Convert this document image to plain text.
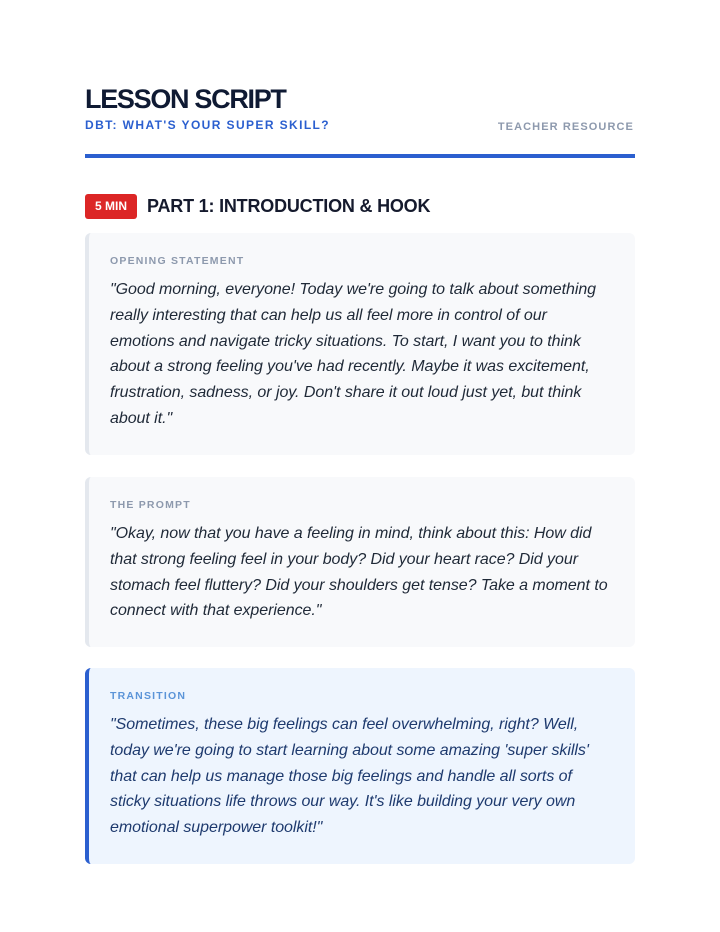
LESSON SCRIPT
DBT: WHAT'S YOUR SUPER SKILL?	TEACHER RESOURCE
5 MIN	PART 1: INTRODUCTION & HOOK
OPENING STATEMENT

"Good morning, everyone! Today we're going to talk about something really interesting that can help us all feel more in control of our emotions and navigate tricky situations. To start, I want you to think about a strong feeling you've had recently. Maybe it was excitement, frustration, sadness, or joy. Don't share it out loud just yet, but think about it."

THE PROMPT

"Okay, now that you have a feeling in mind, think about this: How did that strong feeling feel in your body? Did your heart race? Did your stomach feel fluttery? Did your shoulders get tense? Take a moment to connect with that experience."

TRANSITION

"Sometimes, these big feelings can feel overwhelming, right? Well, today we're going to start learning about some amazing 'super skills' that can help us manage those big feelings and handle all sorts of sticky situations life throws our way. It's like building your very own emotional superpower toolkit!"
